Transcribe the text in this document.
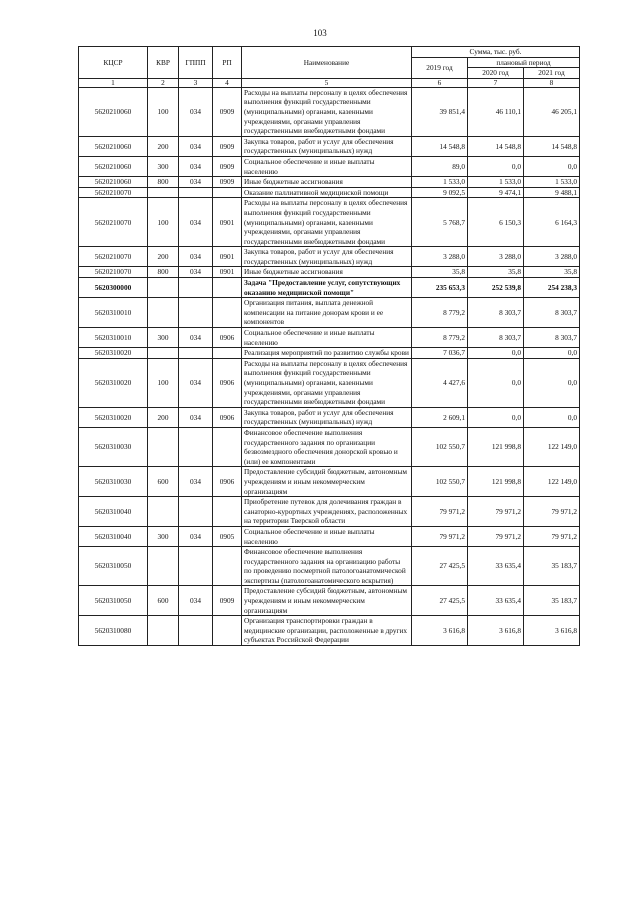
103
КЦСР	КВР	ГППП	РП	Наименование	Сумма, тыс. руб.		
					2019 год	плановый период	
						2020 год	2021 год
1	2	3	4	5	6	7	8
5620210060	100	034	0909	Расходы на выплаты персоналу в целях обеспечения выполнения функций государственными (муниципальными) органами, казенными учреждениями, органами управления государственными внебюджетными фондами	39 851,4	46 110,1	46 205,1
5620210060	200	034	0909	Закупка товаров, работ и услуг для обеспечения государственных (муниципальных) нужд	14 548,8	14 548,8	14 548,8
5620210060	300	034	0909	Социальное обеспечение и иные выплаты населению	89,0	0,0	0,0
5620210060	800	034	0909	Иные бюджетные ассигнования	1 533,0	1 533,0	1 533,0
5620210070				Оказание паллиативной медицинской помощи	9 092,5	9 474,1	9 488,1
5620210070	100	034	0901	Расходы на выплаты персоналу в целях обеспечения выполнения функций государственными (муниципальными) органами, казенными учреждениями, органами управления государственными внебюджетными фондами	5 768,7	6 150,3	6 164,3
5620210070	200	034	0901	Закупка товаров, работ и услуг для обеспечения государственных (муниципальных) нужд	3 288,0	3 288,0	3 288,0
5620210070	800	034	0901	Иные бюджетные ассигнования	35,8	35,8	35,8
5620300000				Задача "Предоставление услуг, сопутствующих оказанию медицинской помощи"	235 653,3	252 539,8	254 238,3
5620310010				Организация питания, выплата денежной компенсации на питание донорам крови и ее компонентов	8 779,2	8 303,7	8 303,7
5620310010	300	034	0906	Социальное обеспечение и иные выплаты населению	8 779,2	8 303,7	8 303,7
5620310020				Реализация мероприятий по развитию службы крови	7 036,7	0,0	0,0
5620310020	100	034	0906	Расходы на выплаты персоналу в целях обеспечения выполнения функций государственными (муниципальными) органами, казенными учреждениями, органами управления государственными внебюджетными фондами	4 427,6	0,0	0,0
5620310020	200	034	0906	Закупка товаров, работ и услуг для обеспечения государственных (муниципальных) нужд	2 609,1	0,0	0,0
5620310030				Финансовое обеспечение выполнения государственного задания по организации безвозмездного обеспечения донорской кровью и (или) ее компонентами	102 550,7	121 998,8	122 149,0
5620310030	600	034	0906	Предоставление субсидий бюджетным, автономным учреждениям и иным некоммерческим организациям	102 550,7	121 998,8	122 149,0
5620310040				Приобретение путевок для долечивания граждан в санаторно-курортных учреждениях, расположенных на территории Тверской области	79 971,2	79 971,2	79 971,2
5620310040	300	034	0905	Социальное обеспечение и иные выплаты населению	79 971,2	79 971,2	79 971,2
5620310050				Финансовое обеспечение выполнения государственного задания на организацию работы по проведению посмертной патологоанатомической экспертизы (патологоанатомического вскрытия)	27 425,5	33 635,4	35 183,7
5620310050	600	034	0909	Предоставление субсидий бюджетным, автономным учреждениям и иным некоммерческим организациям	27 425,5	33 635,4	35 183,7
5620310080				Организация транспортировки граждан в медицинские организации, расположенные в других субъектах Российской Федерации	3 616,8	3 616,8	3 616,8
